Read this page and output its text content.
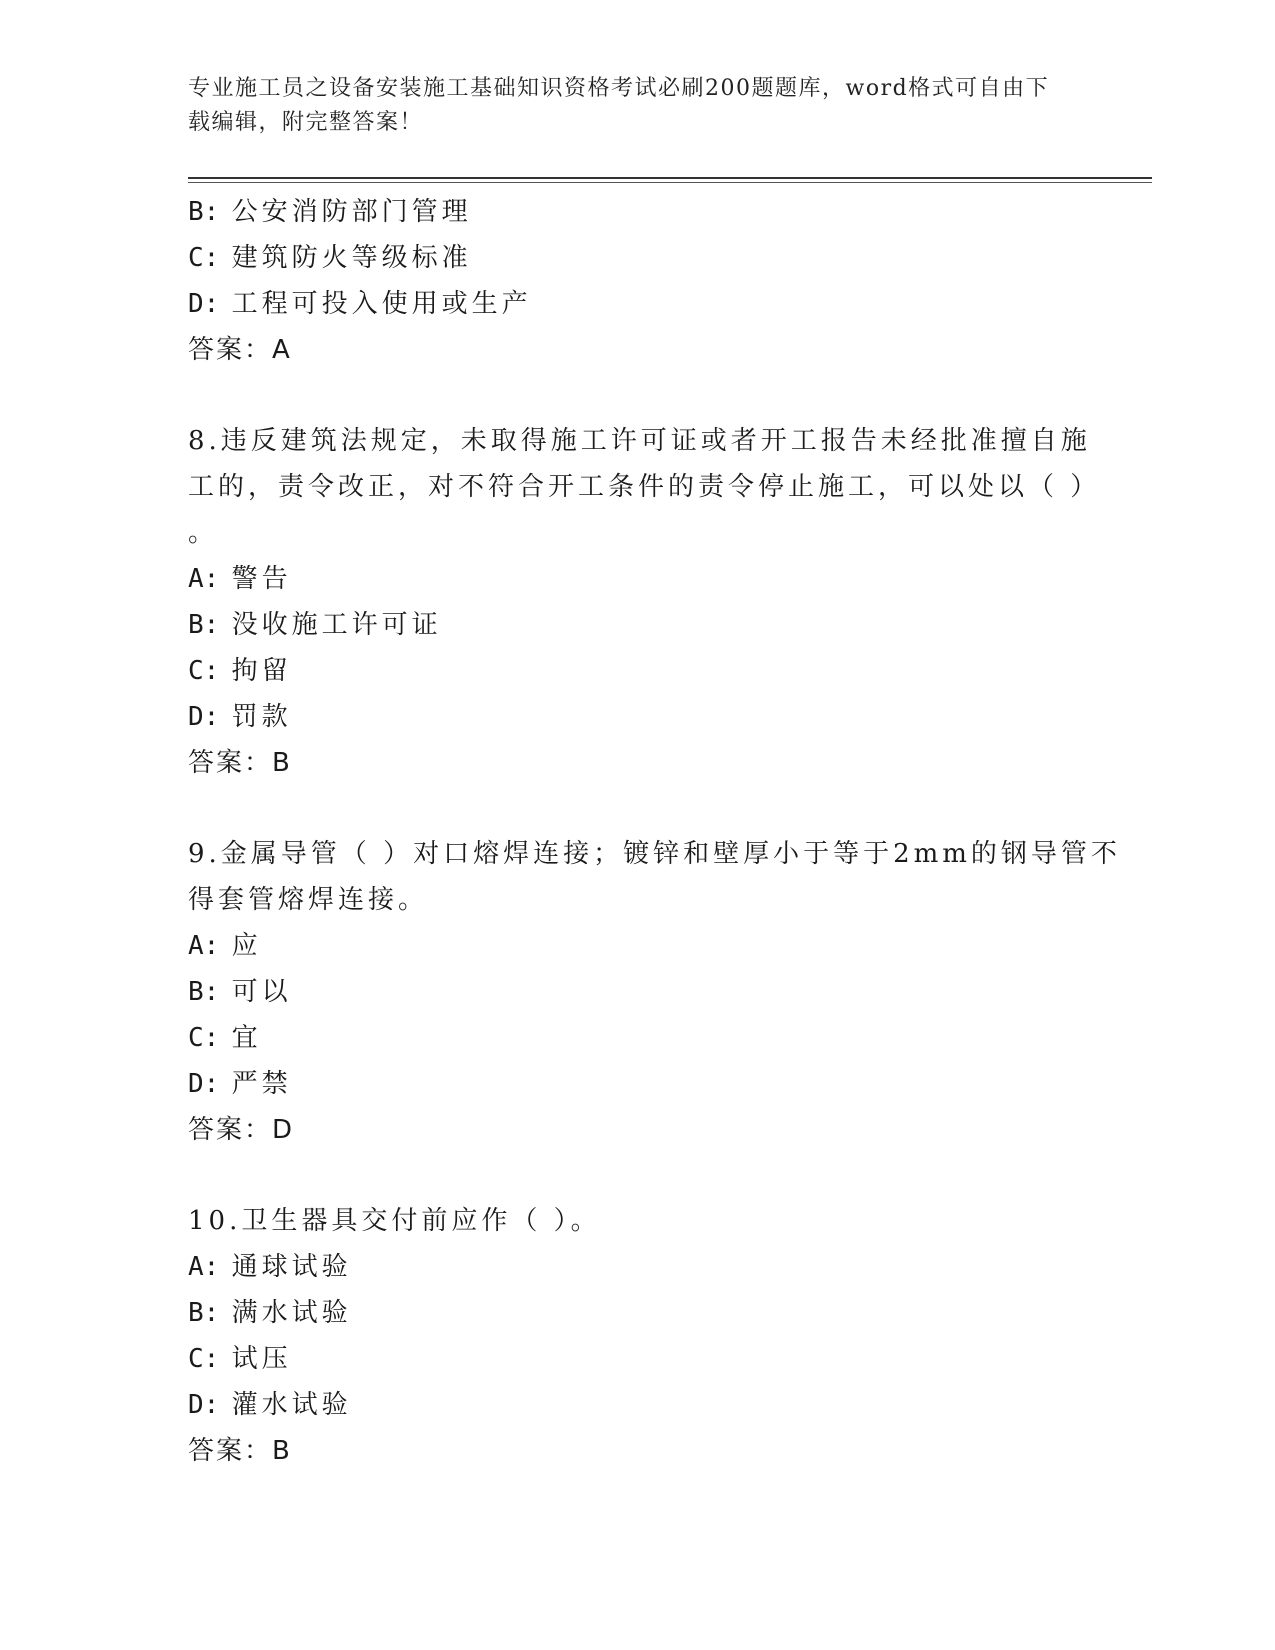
专业施工员之设备安装施工基础知识资格考试必刷200题题库，word格式可自由下载编辑，附完整答案！
B: 公安消防部门管理
C: 建筑防火等级标准
D: 工程可投入使用或生产
答案：A
8.违反建筑法规定，未取得施工许可证或者开工报告未经批准擅自施
工的，责令改正，对不符合开工条件的责令停止施工，可以处以（ ）
。
A: 警告
B: 没收施工许可证
C: 拘留
D: 罚款
答案：B
9.金属导管（ ）对口熔焊连接；镀锌和壁厚小于等于2mm的钢导管不
得套管熔焊连接。
A: 应
B: 可以
C: 宜
D: 严禁
答案：D
10.卫生器具交付前应作（ ）。
A: 通球试验
B: 满水试验
C: 试压
D: 灌水试验
答案：B
